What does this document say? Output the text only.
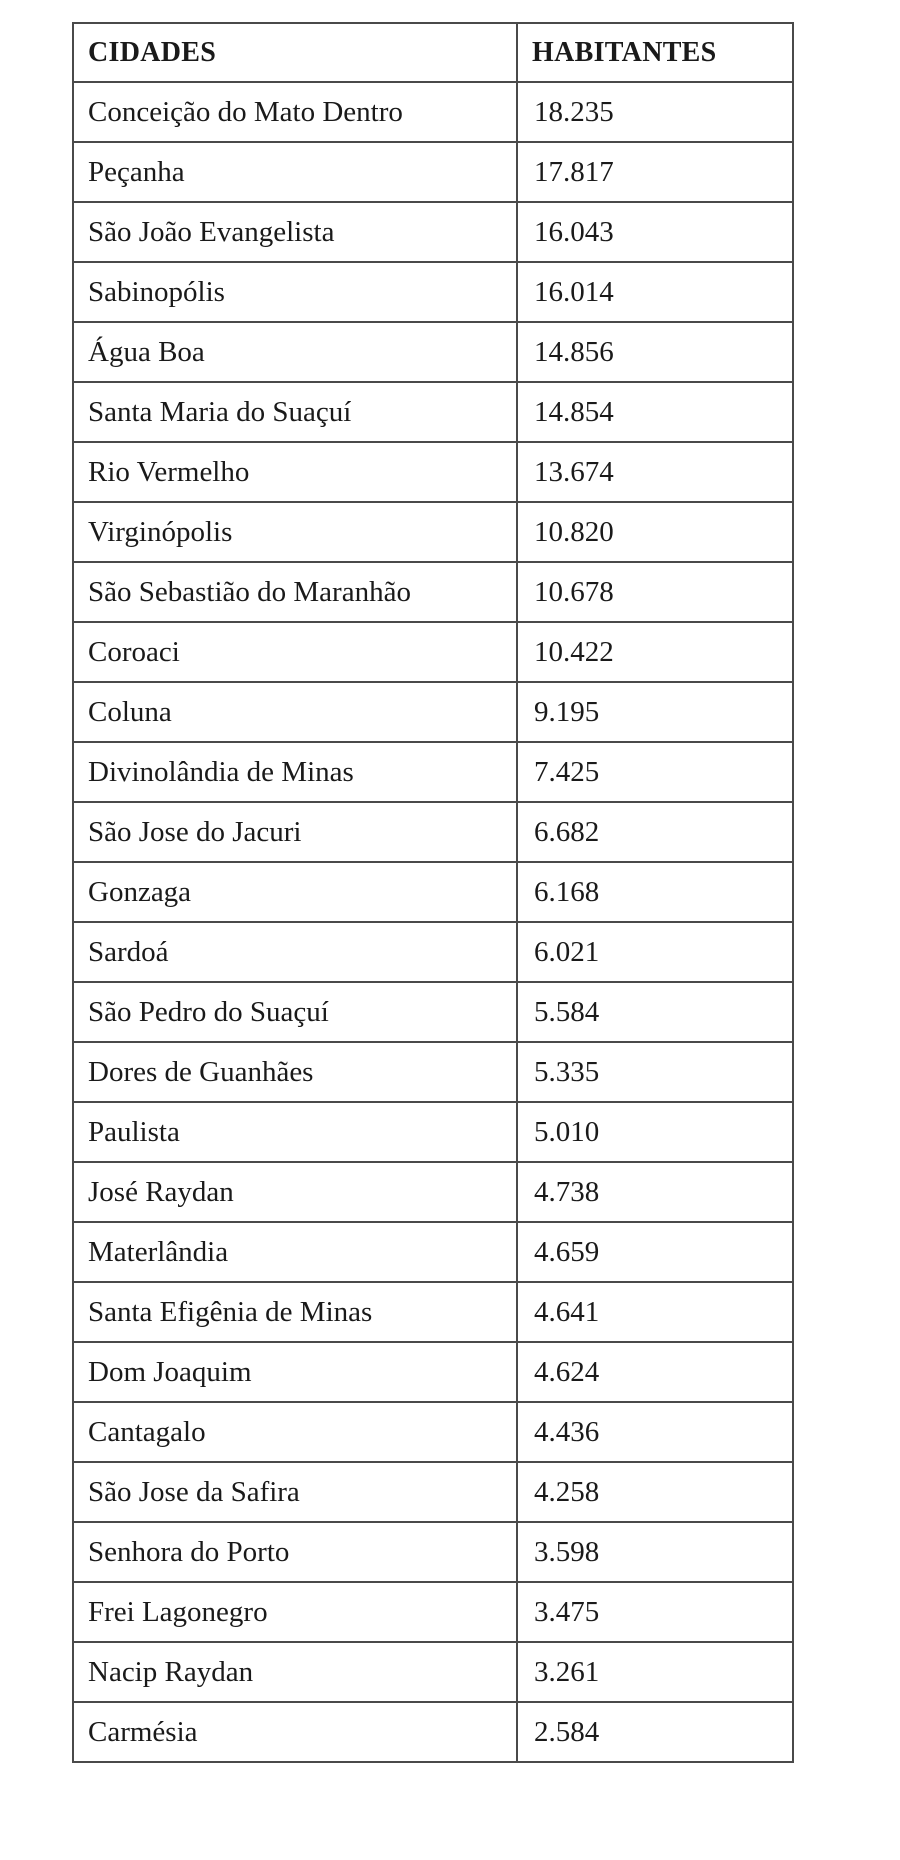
CIDADES	HABITANTES
Conceição do Mato Dentro	18.235
Peçanha	17.817
São João Evangelista	16.043
Sabinopólis	16.014
Água Boa	14.856
Santa Maria do Suaçuí	14.854
Rio Vermelho	13.674
Virginópolis	10.820
São Sebastião do Maranhão	10.678
Coroaci	10.422
Coluna	9.195
Divinolândia de Minas	7.425
São Jose do Jacuri	6.682
Gonzaga	6.168
Sardoá	6.021
São Pedro do Suaçuí	5.584
Dores de Guanhães	5.335
Paulista	5.010
José Raydan	4.738
Materlândia	4.659
Santa Efigênia de Minas	4.641
Dom Joaquim	4.624
Cantagalo	4.436
São Jose da Safira	4.258
Senhora do Porto	3.598
Frei Lagonegro	3.475
Nacip Raydan	3.261
Carmésia	2.584
